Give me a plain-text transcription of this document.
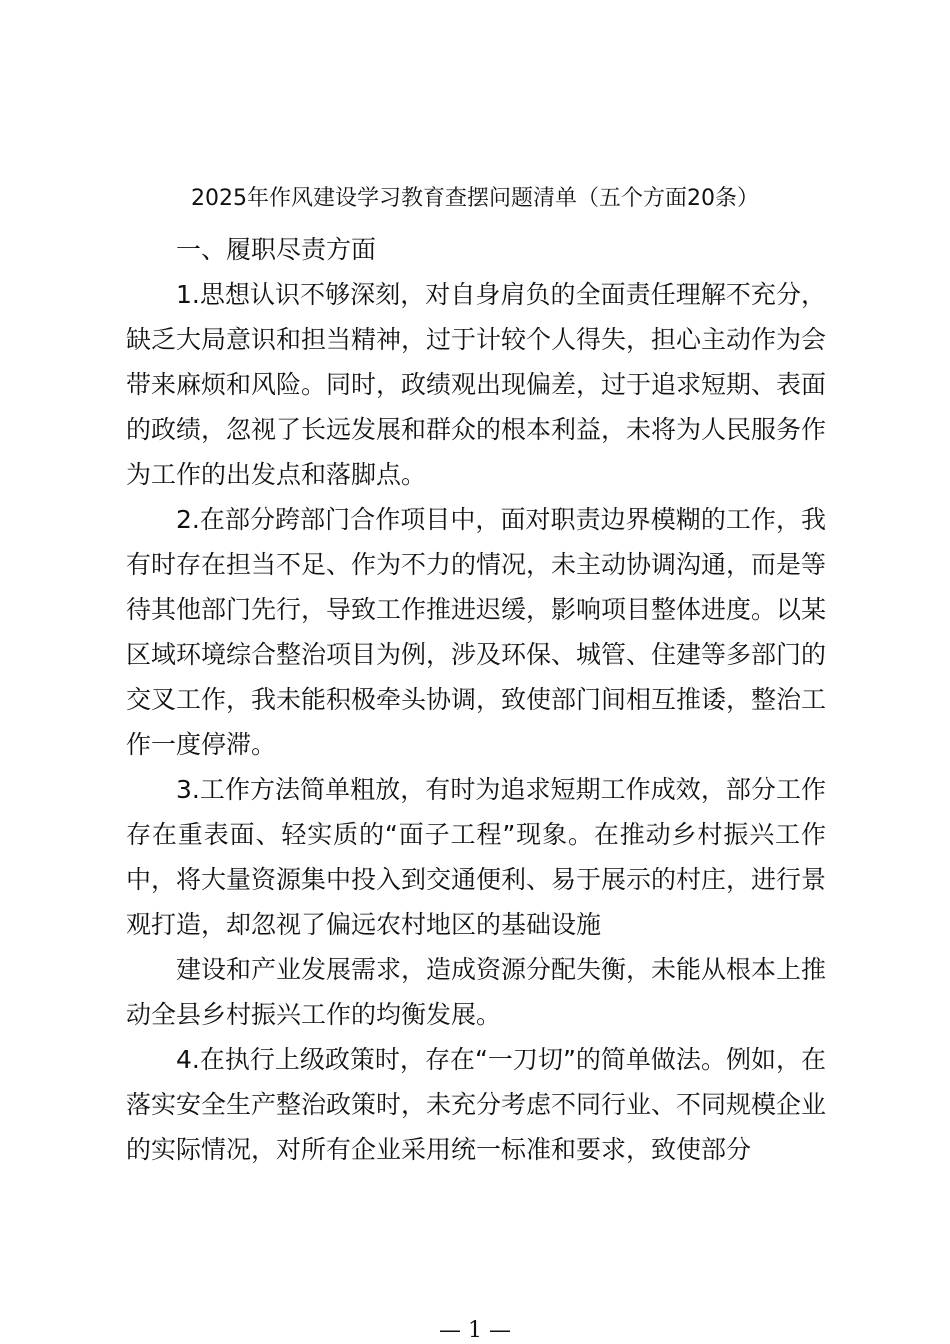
2025年作风建设学习教育查摆问题清单（五个方面20条）

一、履职尽责方面

1.思想认识不够深刻，对自身肩负的全面责任理解不充分，缺乏大局意识和担当精神，过于计较个人得失，担心主动作为会带来麻烦和风险。同时，政绩观出现偏差，过于追求短期、表面的政绩，忽视了长远发展和群众的根本利益，未将为人民服务作为工作的出发点和落脚点。

2.在部分跨部门合作项目中，面对职责边界模糊的工作，我有时存在担当不足、作为不力的情况，未主动协调沟通，而是等待其他部门先行，导致工作推进迟缓，影响项目整体进度。以某区域环境综合整治项目为例，涉及环保、城管、住建等多部门的交叉工作，我未能积极牵头协调，致使部门间相互推诿，整治工作一度停滞。

3.工作方法简单粗放，有时为追求短期工作成效，部分工作存在重表面、轻实质的“面子工程”现象。在推动乡村振兴工作中，将大量资源集中投入到交通便利、易于展示的村庄，进行景观打造，却忽视了偏远农村地区的基础设施

建设和产业发展需求，造成资源分配失衡，未能从根本上推动全县乡村振兴工作的均衡发展。

4.在执行上级政策时，存在“一刀切”的简单做法。例如，在落实安全生产整治政策时，未充分考虑不同行业、不同规模企业的实际情况，对所有企业采用统一标准和要求，致使部分

— 1 —
